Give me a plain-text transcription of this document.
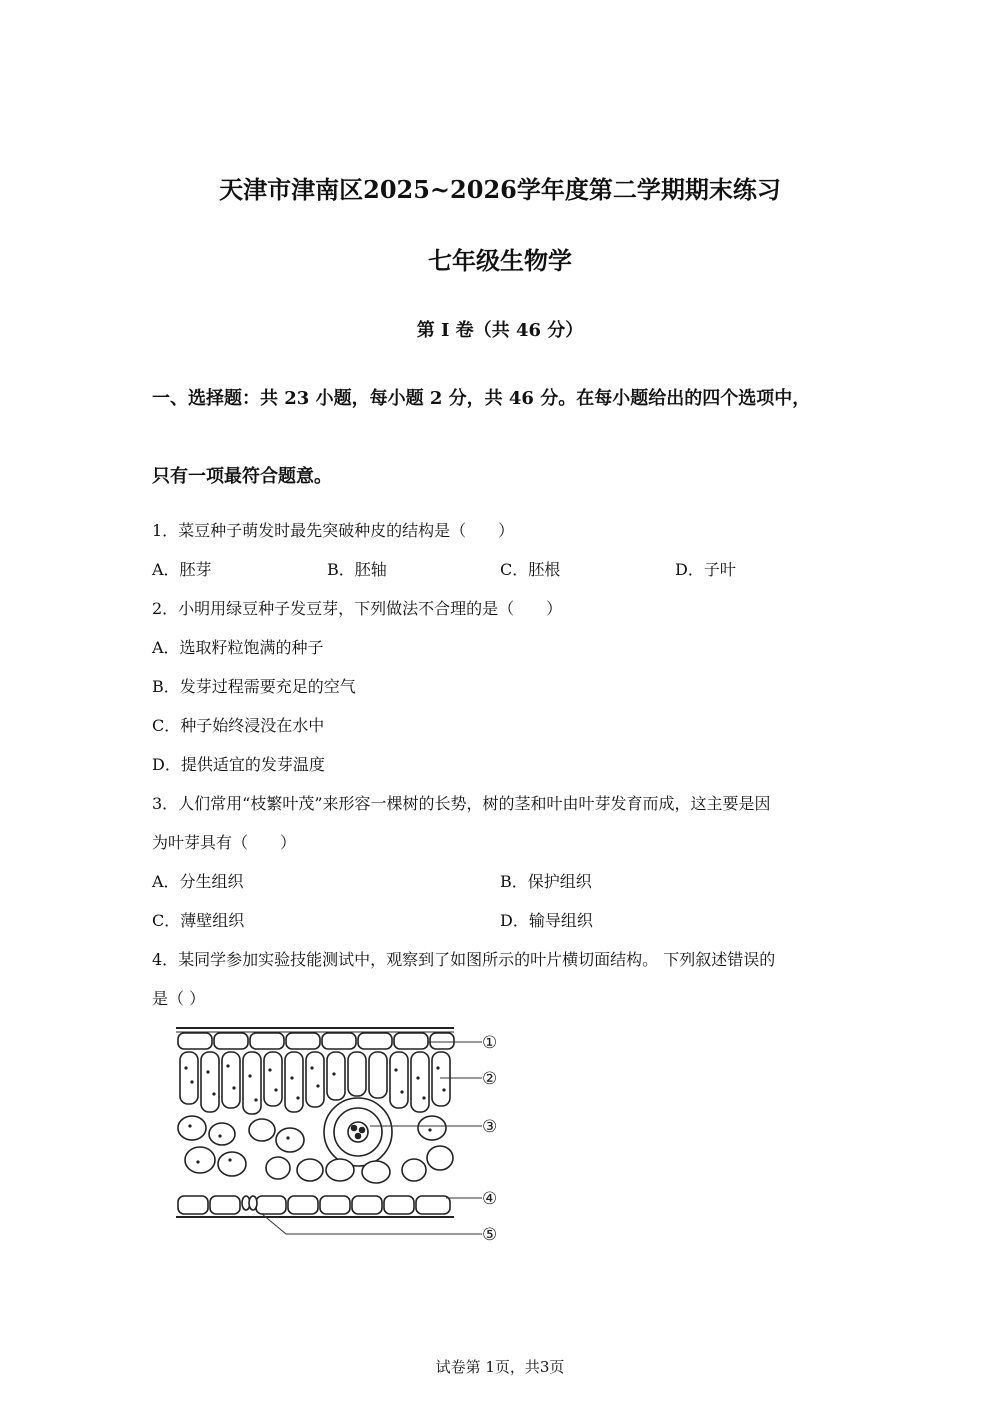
天津市津南区2025~2026学年度第二学期期末练习
七年级生物学
第 I 卷（共 46 分）
一、选择题：共 23 小题，每小题 2 分，共 46 分。在每小题给出的四个选项中，
只有一项最符合题意。
1．菜豆种子萌发时最先突破种皮的结构是（　　）
A．胚芽	B．胚轴	C．胚根	D．子叶
2．小明用绿豆种子发豆芽，下列做法不合理的是（　　）
A．选取籽粒饱满的种子
B．发芽过程需要充足的空气
C．种子始终浸没在水中
D．提供适宜的发芽温度
3．人们常用“枝繁叶茂”来形容一棵树的长势，树的茎和叶由叶芽发育而成，这主要是因
为叶芽具有（　　）
A．分生组织	B．保护组织
C．薄壁组织	D．输导组织
4．某同学参加实验技能测试中，观察到了如图所示的叶片横切面结构。 下列叙述错误的
是（ ）
①
②
③
④
⑤
试卷第 1页，共3页
